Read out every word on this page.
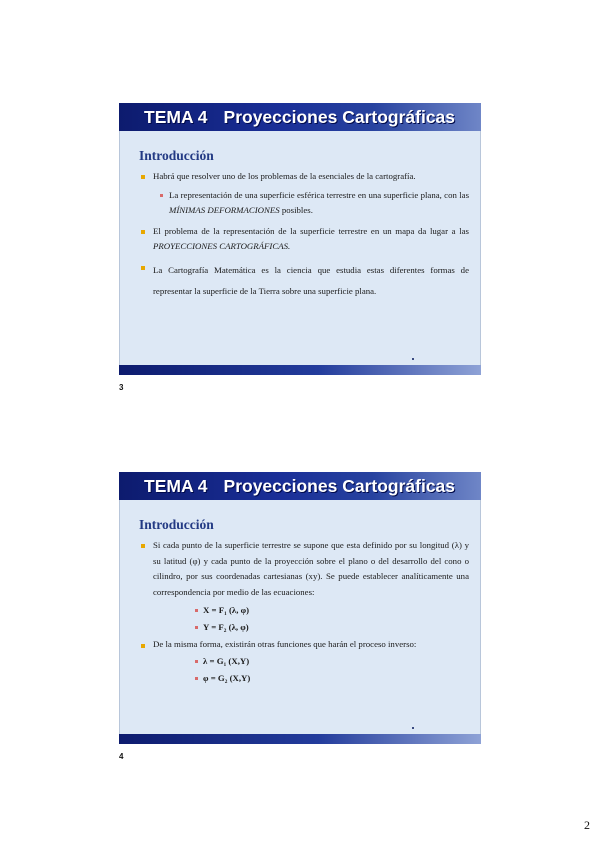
TEMA 4 Proyecciones Cartográficas
Introducción
Habrá que resolver uno de los problemas de la esenciales de la cartografía.
La representación de una superficie esférica terrestre en una superficie plana, con las MÍNIMAS DEFORMACIONES posibles.
El problema de la representación de la superficie terrestre en un mapa da lugar a las PROYECCIONES CARTOGRÁFICAS.
La Cartografía Matemática es la ciencia que estudia estas diferentes formas de representar la superficie de la Tierra sobre una superficie plana.
3
TEMA 4 Proyecciones Cartográficas
Introducción
Si cada punto de la superficie terrestre se supone que esta definido por su longitud (λ) y su latitud (φ) y cada punto de la proyección sobre el plano o del desarrollo del cono o cilindro, por sus coordenadas cartesianas (xy). Se puede establecer analíticamente una correspondencia por medio de las ecuaciones:
X = F₁ (λ, φ)
Y = F₂ (λ, φ)
De la misma forma, existirán otras funciones que harán el proceso inverso:
λ = G₁ (X,Y)
φ = G₂ (X,Y)
4
2
